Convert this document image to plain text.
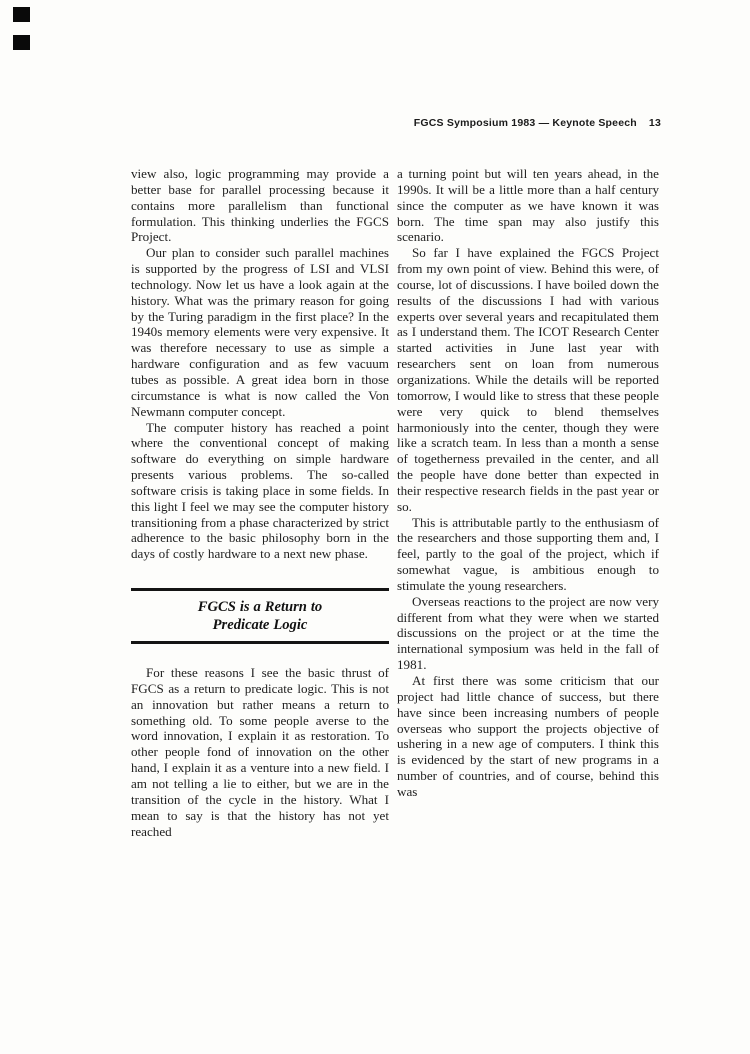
FGCS Symposium 1983 — Keynote Speech 13

view also, logic programming may provide a better base for parallel processing because it contains more parallelism than functional formulation. This thinking underlies the FGCS Project.

Our plan to consider such parallel machines is supported by the progress of LSI and VLSI technology. Now let us have a look again at the history. What was the primary reason for going by the Turing paradigm in the first place? In the 1940s memory elements were very expensive. It was therefore necessary to use as simple a hardware configuration and as few vacuum tubes as possible. A great idea born in those circumstance is what is now called the Von Newmann computer concept.

The computer history has reached a point where the conventional concept of making software do everything on simple hardware presents various problems. The so-called software crisis is taking place in some fields. In this light I feel we may see the computer history transitioning from a phase characterized by strict adherence to the basic philosophy born in the days of costly hardware to a next new phase.

FGCS is a Return to
Predicate Logic

For these reasons I see the basic thrust of FGCS as a return to predicate logic. This is not an innovation but rather means a return to something old. To some people averse to the word innovation, I explain it as restoration. To other people fond of innovation on the other hand, I explain it as a venture into a new field. I am not telling a lie to either, but we are in the transition of the cycle in the history. What I mean to say is that the history has not yet reached

a turning point but will ten years ahead, in the 1990s. It will be a little more than a half century since the computer as we have known it was born. The time span may also justify this scenario.

So far I have explained the FGCS Project from my own point of view. Behind this were, of course, lot of discussions. I have boiled down the results of the discussions I had with various experts over several years and recapitulated them as I understand them. The ICOT Research Center started activities in June last year with researchers sent on loan from numerous organizations. While the details will be reported tomorrow, I would like to stress that these people were very quick to blend themselves harmoniously into the center, though they were like a scratch team. In less than a month a sense of togetherness prevailed in the center, and all the people have done better than expected in their respective research fields in the past year or so.

This is attributable partly to the enthusiasm of the researchers and those supporting them and, I feel, partly to the goal of the project, which if somewhat vague, is ambitious enough to stimulate the young researchers.

Overseas reactions to the project are now very different from what they were when we started discussions on the project or at the time the international symposium was held in the fall of 1981.

At first there was some criticism that our project had little chance of success, but there have since been increasing numbers of people overseas who support the projects objective of ushering in a new age of computers. I think this is evidenced by the start of new programs in a number of countries, and of course, behind this was
